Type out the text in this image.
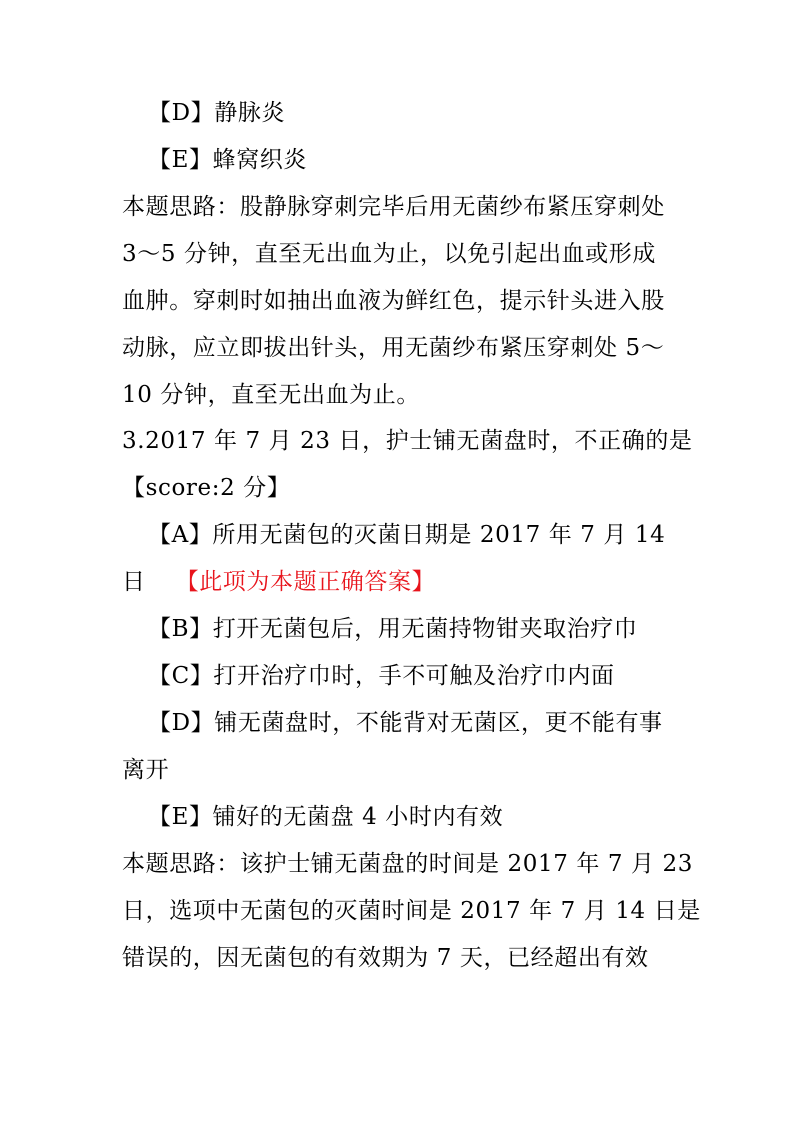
【D】静脉炎
【E】蜂窝织炎
本题思路：股静脉穿刺完毕后用无菌纱布紧压穿刺处
3～5 分钟，直至无出血为止，以免引起出血或形成
血肿。穿刺时如抽出血液为鲜红色，提示针头进入股
动脉，应立即拔出针头，用无菌纱布紧压穿刺处 5～
10 分钟，直至无出血为止。
3.2017 年 7 月 23 日，护士铺无菌盘时，不正确的是
【score:2 分】
【A】所用无菌包的灭菌日期是 2017 年 7 月 14
日 【此项为本题正确答案】
【B】打开无菌包后，用无菌持物钳夹取治疗巾
【C】打开治疗巾时，手不可触及治疗巾内面
【D】铺无菌盘时，不能背对无菌区，更不能有事
离开
【E】铺好的无菌盘 4 小时内有效
本题思路：该护士铺无菌盘的时间是 2017 年 7 月 23
日，选项中无菌包的灭菌时间是 2017 年 7 月 14 日是
错误的，因无菌包的有效期为 7 天，已经超出有效
